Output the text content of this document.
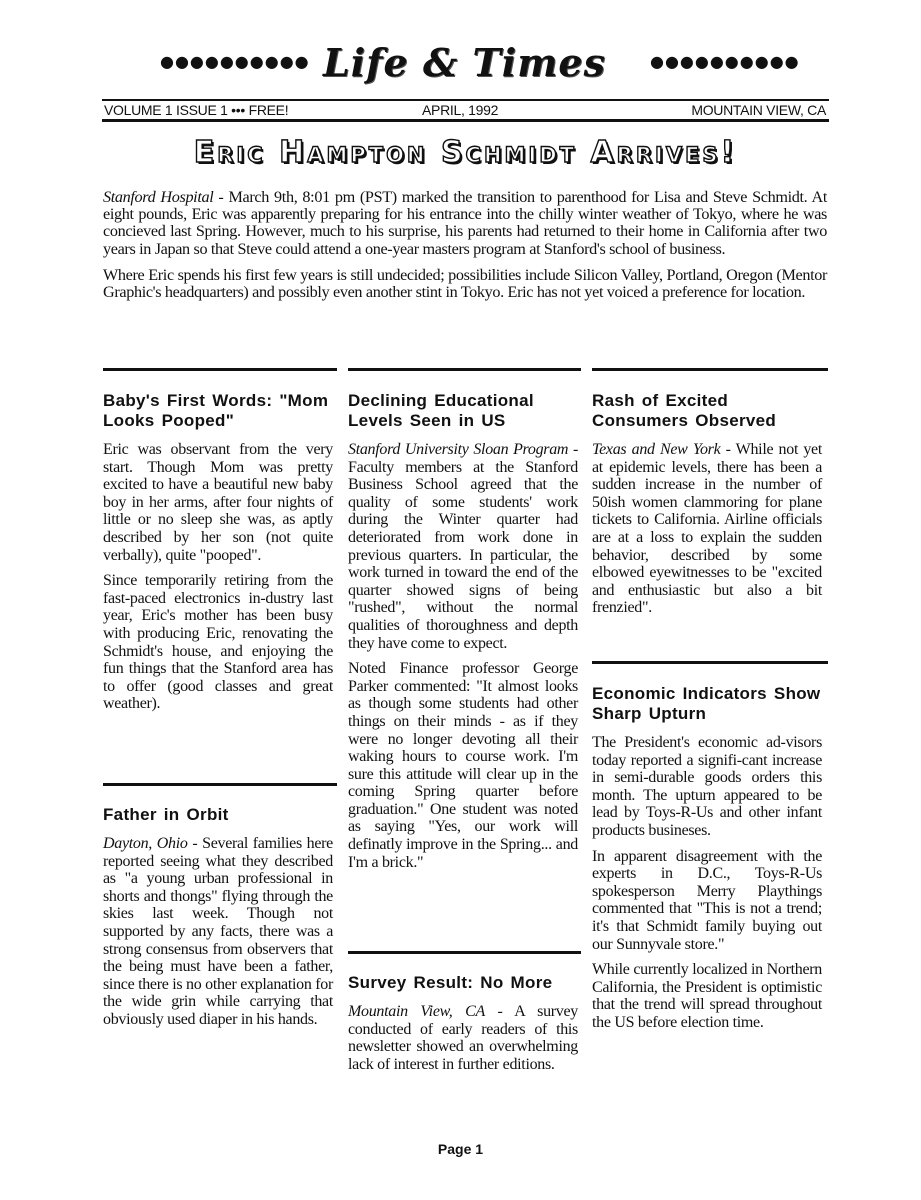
●●●●●●●●●● Life & Times	●●●●●●●●●●
VOLUME 1 ISSUE 1 ••• FREE!	APRIL, 1992	MOUNTAIN VIEW, CA
Eric Hampton Schmidt Arrives!

Stanford Hospital - March 9th, 8:01 pm (PST) marked the transition to parenthood for Lisa and Steve Schmidt. At eight pounds, Eric was apparently preparing for his entrance into the chilly winter weather of Tokyo, where he was concieved last Spring. However, much to his surprise, his parents had returned to their home in California after two years in Japan so that Steve could attend a one-year masters program at Stanford's school of business.

Where Eric spends his first few years is still undecided; possibilities include Silicon Valley, Portland, Oregon (Mentor Graphic's headquarters) and possibly even another stint in Tokyo. Eric has not yet voiced a preference for location.

Baby's First Words: "Mom Looks Pooped"

Eric was observant from the very start. Though Mom was pretty excited to have a beautiful new baby boy in her arms, after four nights of little or no sleep she was, as aptly described by her son (not quite verbally), quite "pooped".

Since temporarily retiring from the fast-paced electronics in-dustry last year, Eric's mother has been busy with producing Eric, renovating the Schmidt's house, and enjoying the fun things that the Stanford area has to offer (good classes and great weather).

Father in Orbit

Dayton, Ohio - Several families here reported seeing what they described as "a young urban professional in shorts and thongs" flying through the skies last week. Though not supported by any facts, there was a strong consensus from observers that the being must have been a father, since there is no other explanation for the wide grin while carrying that obviously used diaper in his hands.

Declining Educational Levels Seen in US

Stanford University Sloan Program - Faculty members at the Stanford Business School agreed that the quality of some students' work during the Winter quarter had deteriorated from work done in previous quarters. In particular, the work turned in toward the end of the quarter showed signs of being "rushed", without the normal qualities of thoroughness and depth they have come to expect.

Noted Finance professor George Parker commented: "It almost looks as though some students had other things on their minds - as if they were no longer devoting all their waking hours to course work. I'm sure this attitude will clear up in the coming Spring quarter before graduation." One student was noted as saying "Yes, our work will definatly improve in the Spring... and I'm a brick."

Survey Result: No More

Mountain View, CA - A survey conducted of early readers of this newsletter showed an overwhelming lack of interest in further editions.

Rash of Excited Consumers Observed

Texas and New York - While not yet at epidemic levels, there has been a sudden increase in the number of 50ish women clammoring for plane tickets to California. Airline officials are at a loss to explain the sudden behavior, described by some elbowed eyewitnesses to be "excited and enthusiastic but also a bit frenzied".

Economic Indicators Show Sharp Upturn

The President's economic ad-visors today reported a signifi-cant increase in semi-durable goods orders this month. The upturn appeared to be lead by Toys-R-Us and other infant products busineses.

In apparent disagreement with the experts in D.C., Toys-R-Us spokesperson Merry Playthings commented that "This is not a trend; it's that Schmidt family buying out our Sunnyvale store."

While currently localized in Northern California, the President is optimistic that the trend will spread throughout the US before election time.

Page 1
